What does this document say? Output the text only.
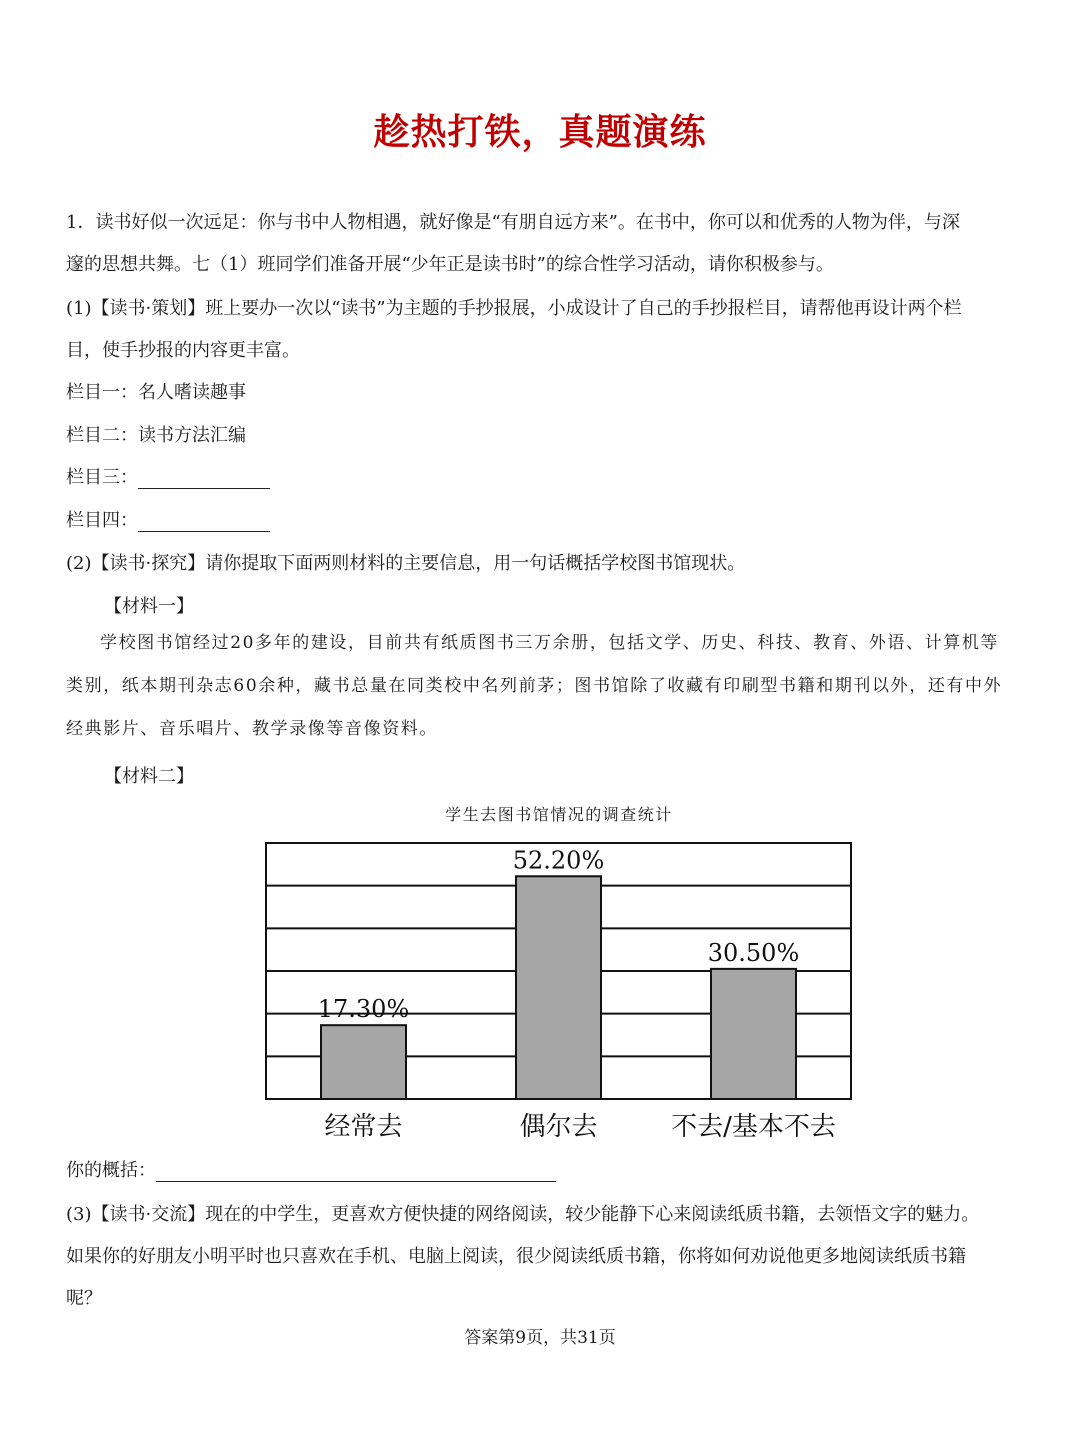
趁热打铁，真题演练
1．读书好似一次远足：你与书中人物相遇，就好像是“有朋自远方来”。在书中，你可以和优秀的人物为伴，与深
邃的思想共舞。七（1）班同学们准备开展“少年正是读书时”的综合性学习活动，请你积极参与。
(1)【读书·策划】班上要办一次以“读书”为主题的手抄报展，小成设计了自己的手抄报栏目，请帮他再设计两个栏
目，使手抄报的内容更丰富。
栏目一：名人嗜读趣事
栏目二：读书方法汇编
栏目三：
栏目四：
(2)【读书·探究】请你提取下面两则材料的主要信息，用一句话概括学校图书馆现状。
【材料一】
学校图书馆经过20多年的建设，目前共有纸质图书三万余册，包括文学、历史、科技、教育、外语、计算机等类别，纸本期刊杂志60余种，藏书总量在同类校中名列前茅；图书馆除了收藏有印刷型书籍和期刊以外，还有中外经典影片、音乐唱片、教学录像等音像资料。
【材料二】
学生去图书馆情况的调查统计
17.30%
经常去
52.20%
偶尔去
30.50%
不去/基本不去
你的概括：
(3)【读书·交流】现在的中学生，更喜欢方便快捷的网络阅读，较少能静下心来阅读纸质书籍，去领悟文字的魅力。
如果你的好朋友小明平时也只喜欢在手机、电脑上阅读，很少阅读纸质书籍，你将如何劝说他更多地阅读纸质书籍
呢？
答案第9页，共31页
